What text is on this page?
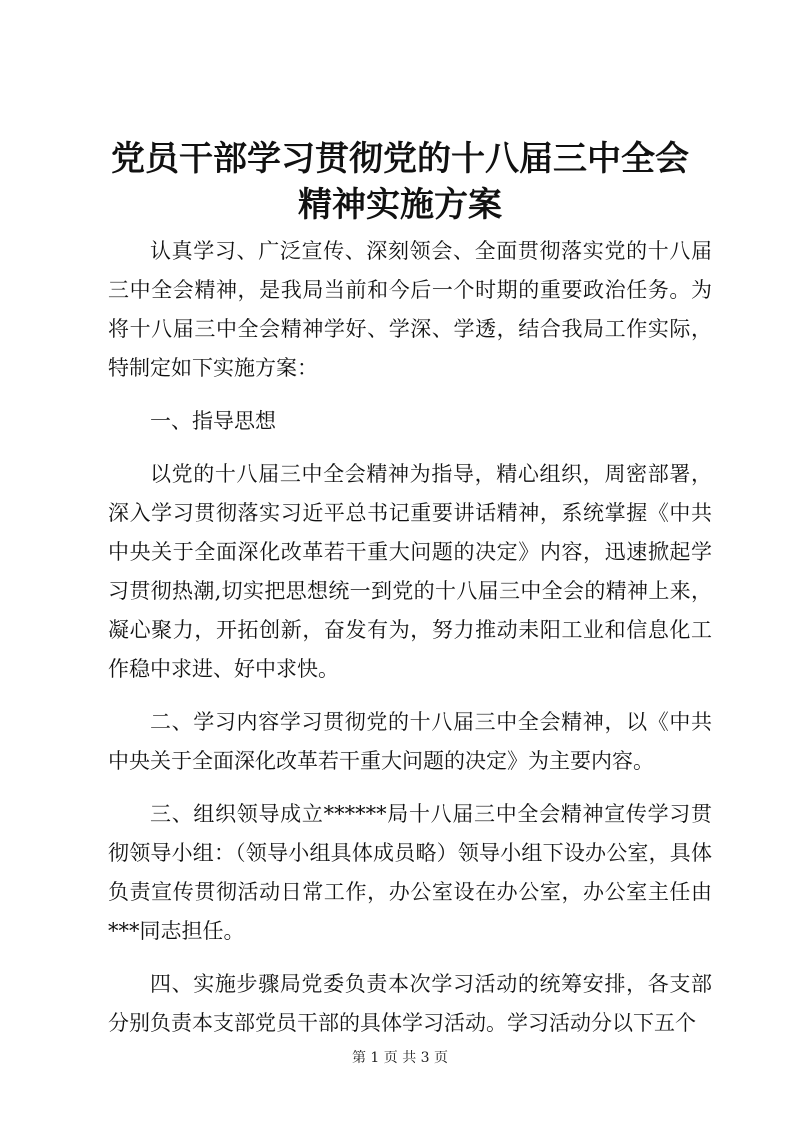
党员干部学习贯彻党的十八届三中全会精神实施方案

认真学习、广泛宣传、深刻领会、全面贯彻落实党的十八届三中全会精神，是我局当前和今后一个时期的重要政治任务。为将十八届三中全会精神学好、学深、学透，结合我局工作实际，特制定如下实施方案：

一、指导思想

以党的十八届三中全会精神为指导，精心组织，周密部署，深入学习贯彻落实习近平总书记重要讲话精神，系统掌握《中共中央关于全面深化改革若干重大问题的决定》内容，迅速掀起学习贯彻热潮,切实把思想统一到党的十八届三中全会的精神上来，凝心聚力，开拓创新，奋发有为，努力推动耒阳工业和信息化工作稳中求进、好中求快。

二、学习内容学习贯彻党的十八届三中全会精神，以《中共中央关于全面深化改革若干重大问题的决定》为主要内容。

三、组织领导成立******局十八届三中全会精神宣传学习贯彻领导小组：（领导小组具体成员略）领导小组下设办公室，具体负责宣传贯彻活动日常工作，办公室设在办公室，办公室主任由***同志担任。

四、实施步骤局党委负责本次学习活动的统筹安排，各支部分别负责本支部党员干部的具体学习活动。学习活动分以下五个

第 1 页 共 3 页
